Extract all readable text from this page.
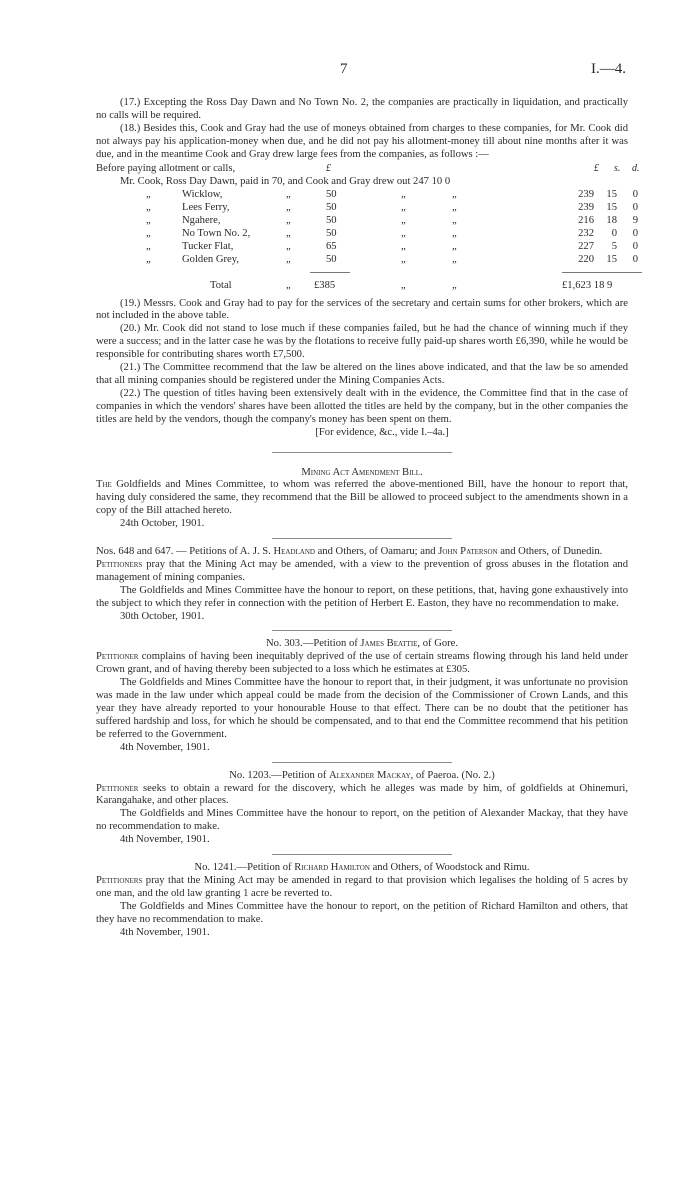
7	I.—4.

(17.) Excepting the Ross Day Dawn and No Town No. 2, the companies are practically in liquidation, and practically no calls will be required.

(18.) Besides this, Cook and Gray had the use of moneys obtained from charges to these companies, for Mr. Cook did not always pay his application-money when due, and he did not pay his allotment-money till about nine months after it was due, and in the meantime Cook and Gray drew large fees from the companies, as follows :—

Before paying allotment or calls,	£	£ s. d.
Mr. Cook, Ross Day Dawn, paid in 70, and Cook and Gray drew out 247 10 0
„	Wicklow,	„	50	„	„	239	15	0
„	Lees Ferry,	„	50	„	„	239	15	0
„	Ngahere,	„	50	„	„	216	18	9
„	No Town No. 2,	„	50	„	„	232	0	0
„	Tucker Flat,	„	65	„	„	227	5	0
„	Golden Grey,	„	50	„	„	220	15	0
Total	„ £385	„	„	£1,623 18 9

(19.) Messrs. Cook and Gray had to pay for the services of the secretary and certain sums for other brokers, which are not included in the above table.

(20.) Mr. Cook did not stand to lose much if these companies failed, but he had the chance of winning much if they were a success; and in the latter case he was by the flotations to receive fully paid-up shares worth £6,390, while he would be responsible for contributing shares worth £7,500.

(21.) The Committee recommend that the law be altered on the lines above indicated, and that the law be so amended that all mining companies should be registered under the Mining Companies Acts.

(22.) The question of titles having been extensively dealt with in the evidence, the Committee find that in the case of companies in which the vendors' shares have been allotted the titles are held by the company, but in the other companies the titles are held by the vendors, though the company's money has been spent on them.

[For evidence, &c., vide I.–4a.]

Mining Act Amendment Bill.

The Goldfields and Mines Committee, to whom was referred the above-mentioned Bill, have the honour to report that, having duly considered the same, they recommend that the Bill be allowed to proceed subject to the amendments shown in a copy of the Bill attached hereto.

24th October, 1901.

Nos. 648 and 647. — Petitions of A. J. S. Headland and Others, of Oamaru; and John Paterson and Others, of Dunedin.

Petitioners pray that the Mining Act may be amended, with a view to the prevention of gross abuses in the flotation and management of mining companies.

The Goldfields and Mines Committee have the honour to report, on these petitions, that, having gone exhaustively into the subject to which they refer in connection with the petition of Herbert E. Easton, they have no recommendation to make.

30th October, 1901.

No. 303.—Petition of James Beattie, of Gore.

Petitioner complains of having been inequitably deprived of the use of certain streams flowing through his land held under Crown grant, and of having thereby been subjected to a loss which he estimates at £305.

The Goldfields and Mines Committee have the honour to report that, in their judgment, it was unfortunate no provision was made in the law under which appeal could be made from the decision of the Commissioner of Crown Lands, and this year they have already reported to your honourable House to that effect. There can be no doubt that the petitioner has suffered hardship and loss, for which he should be compensated, and to that end the Committee recommend that his petition be referred to the Government.

4th November, 1901.

No. 1203.—Petition of Alexander Mackay, of Paeroa. (No. 2.)

Petitioner seeks to obtain a reward for the discovery, which he alleges was made by him, of goldfields at Ohinemuri, Karangahake, and other places.

The Goldfields and Mines Committee have the honour to report, on the petition of Alexander Mackay, that they have no recommendation to make.

4th November, 1901.

No. 1241.—Petition of Richard Hamilton and Others, of Woodstock and Rimu.

Petitioners pray that the Mining Act may be amended in regard to that provision which legalises the holding of 5 acres by one man, and the old law granting 1 acre be reverted to.

The Goldfields and Mines Committee have the honour to report, on the petition of Richard Hamilton and others, that they have no recommendation to make.

4th November, 1901.
